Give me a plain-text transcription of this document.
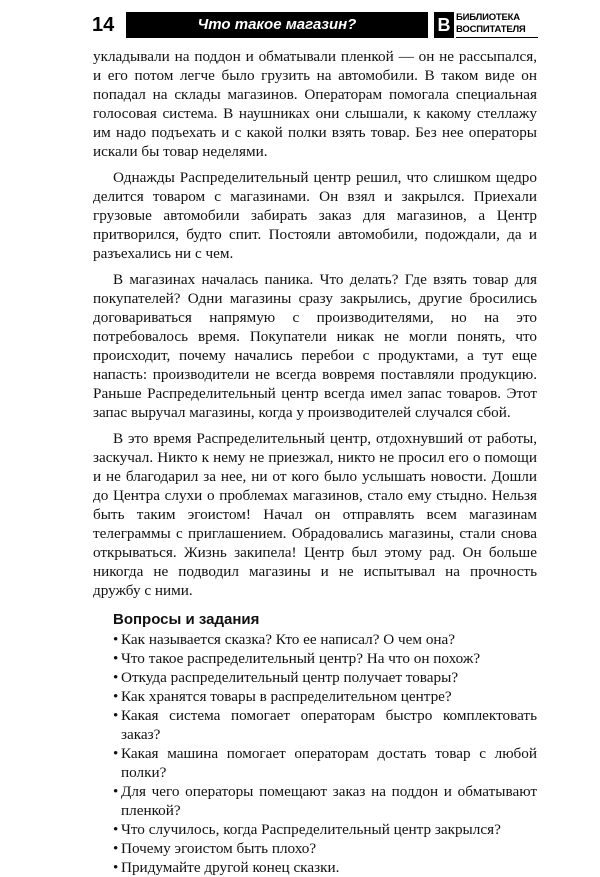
14	Что такое магазин?	В БИБЛИОТЕКА
ВОСПИТАТЕЛЯ

укладывали на поддон и обматывали пленкой — он не рассыпался, и его потом легче было грузить на автомобили. В таком виде он попадал на склады магазинов. Операторам помогала специальная голосовая система. В наушниках они слышали, к какому стеллажу им надо подъехать и с какой полки взять товар. Без нее операторы искали бы товар неделями.

Однажды Распределительный центр решил, что слишком щедро делится товаром с магазинами. Он взял и закрылся. Приехали грузовые автомобили забирать заказ для магазинов, а Центр притворился, будто спит. Постояли автомобили, подождали, да и разъехались ни с чем.

В магазинах началась паника. Что делать? Где взять товар для покупателей? Одни магазины сразу закрылись, другие бросились договариваться напрямую с производителями, но на это потребовалось время. Покупатели никак не могли понять, что происходит, почему начались перебои с продуктами, а тут еще напасть: производители не всегда вовремя поставляли продукцию. Раньше Распределительный центр всегда имел запас товаров. Этот запас выручал магазины, когда у производителей случался сбой.

В это время Распределительный центр, отдохнувший от работы, заскучал. Никто к нему не приезжал, никто не просил его о помощи и не благодарил за нее, ни от кого было услышать новости. Дошли до Центра слухи о проблемах магазинов, стало ему стыдно. Нельзя быть таким эгоистом! Начал он отправлять всем магазинам телеграммы с приглашением. Обрадовались магазины, стали снова открываться. Жизнь закипела! Центр был этому рад. Он больше никогда не подводил магазины и не испытывал на прочность дружбу с ними.

Вопросы и задания
• Как называется сказка? Кто ее написал? О чем она?
• Что такое распределительный центр? На что он похож?
• Откуда распределительный центр получает товары?
• Как хранятся товары в распределительном центре?
• Какая система помогает операторам быстро комплектовать заказ?
• Какая машина помогает операторам достать товар с любой полки?
• Для чего операторы помещают заказ на поддон и обматывают пленкой?
• Что случилось, когда Распределительный центр закрылся?
• Почему эгоистом быть плохо?
• Придумайте другой конец сказки.
